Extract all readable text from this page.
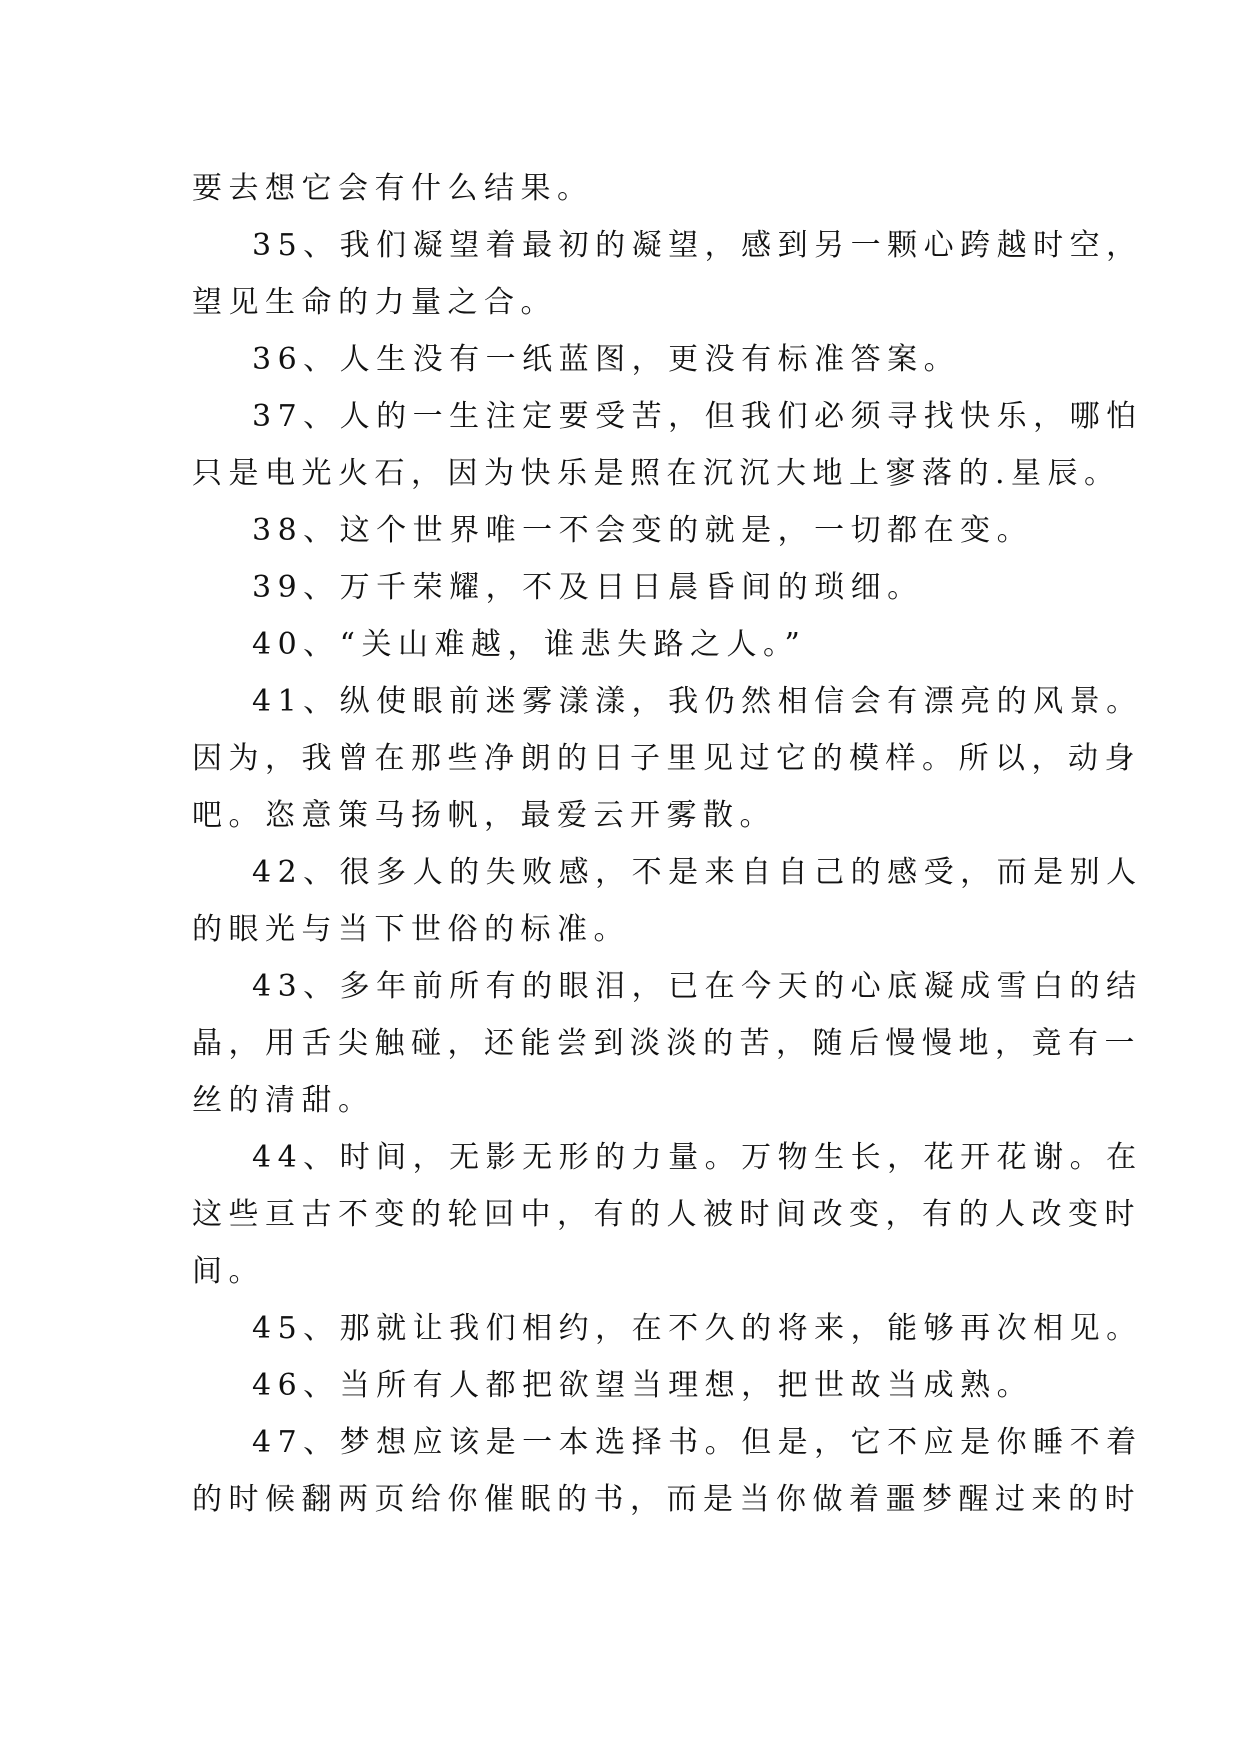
要去想它会有什么结果。

35、我们凝望着最初的凝望，感到另一颗心跨越时空，
望见生命的力量之合。

36、人生没有一纸蓝图，更没有标准答案。

37、人的一生注定要受苦，但我们必须寻找快乐，哪怕
只是电光火石，因为快乐是照在沉沉大地上寥落的.星辰。

38、这个世界唯一不会变的就是，一切都在变。

39、万千荣耀，不及日日晨昏间的琐细。

40、“关山难越，谁悲失路之人。”

41、纵使眼前迷雾漾漾，我仍然相信会有漂亮的风景。
因为，我曾在那些净朗的日子里见过它的模样。所以，动身
吧。恣意策马扬帆，最爱云开雾散。

42、很多人的失败感，不是来自自己的感受，而是别人
的眼光与当下世俗的标准。

43、多年前所有的眼泪，已在今天的心底凝成雪白的结
晶，用舌尖触碰，还能尝到淡淡的苦，随后慢慢地，竟有一
丝的清甜。

44、时间，无影无形的力量。万物生长，花开花谢。在
这些亘古不变的轮回中，有的人被时间改变，有的人改变时
间。

45、那就让我们相约，在不久的将来，能够再次相见。

46、当所有人都把欲望当理想，把世故当成熟。

47、梦想应该是一本选择书。但是，它不应是你睡不着
的时候翻两页给你催眠的书，而是当你做着噩梦醒过来的时
